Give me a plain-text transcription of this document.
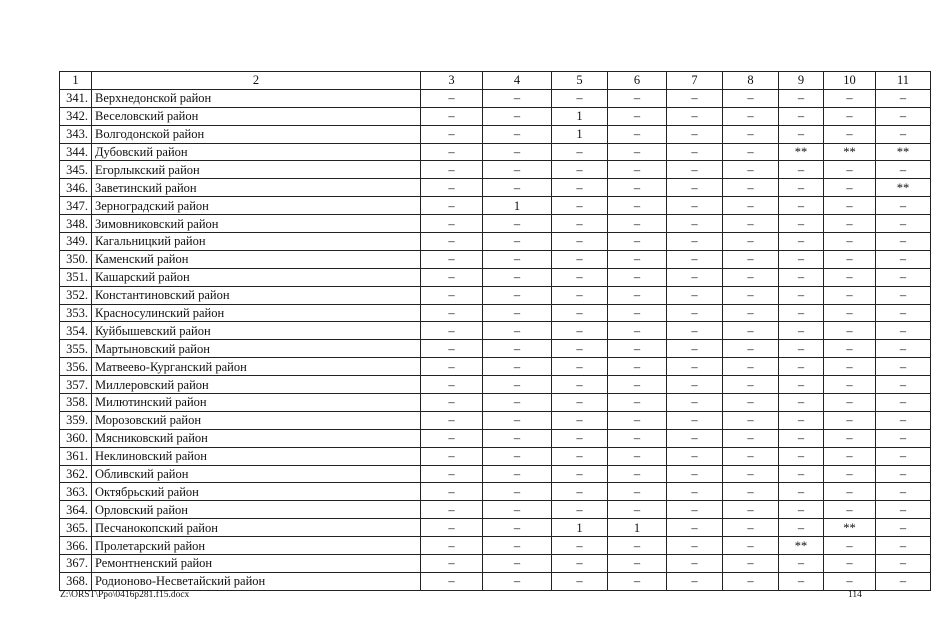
1	2	3	4	5	6	7	8	9	10	11
341.	Верхнедонской район	–	–	–	–	–	–	–	–	–
342.	Веселовский район	–	–	1	–	–	–	–	–	–
343.	Волгодонской район	–	–	1	–	–	–	–	–	–
344.	Дубовский район	–	–	–	–	–	–	**	**	**
345.	Егорлыкский район	–	–	–	–	–	–	–	–	–
346.	Заветинский район	–	–	–	–	–	–	–	–	**
347.	Зерноградский район	–	1	–	–	–	–	–	–	–
348.	Зимовниковский район	–	–	–	–	–	–	–	–	–
349.	Кагальницкий район	–	–	–	–	–	–	–	–	–
350.	Каменский район	–	–	–	–	–	–	–	–	–
351.	Кашарский район	–	–	–	–	–	–	–	–	–
352.	Константиновский район	–	–	–	–	–	–	–	–	–
353.	Красносулинский район	–	–	–	–	–	–	–	–	–
354.	Куйбышевский район	–	–	–	–	–	–	–	–	–
355.	Мартыновский район	–	–	–	–	–	–	–	–	–
356.	Матвеево-Курганский район	–	–	–	–	–	–	–	–	–
357.	Миллеровский район	–	–	–	–	–	–	–	–	–
358.	Милютинский район	–	–	–	–	–	–	–	–	–
359.	Морозовский район	–	–	–	–	–	–	–	–	–
360.	Мясниковский район	–	–	–	–	–	–	–	–	–
361.	Неклиновский район	–	–	–	–	–	–	–	–	–
362.	Обливский район	–	–	–	–	–	–	–	–	–
363.	Октябрьский район	–	–	–	–	–	–	–	–	–
364.	Орловский район	–	–	–	–	–	–	–	–	–
365.	Песчанокопский район	–	–	1	1	–	–	–	**	–
366.	Пролетарский район	–	–	–	–	–	–	**	–	–
367.	Ремонтненский район	–	–	–	–	–	–	–	–	–
368.	Родионово-Несветайский район	–	–	–	–	–	–	–	–	–
Z:\ORST\Ppo\0416p281.f15.docx	114
